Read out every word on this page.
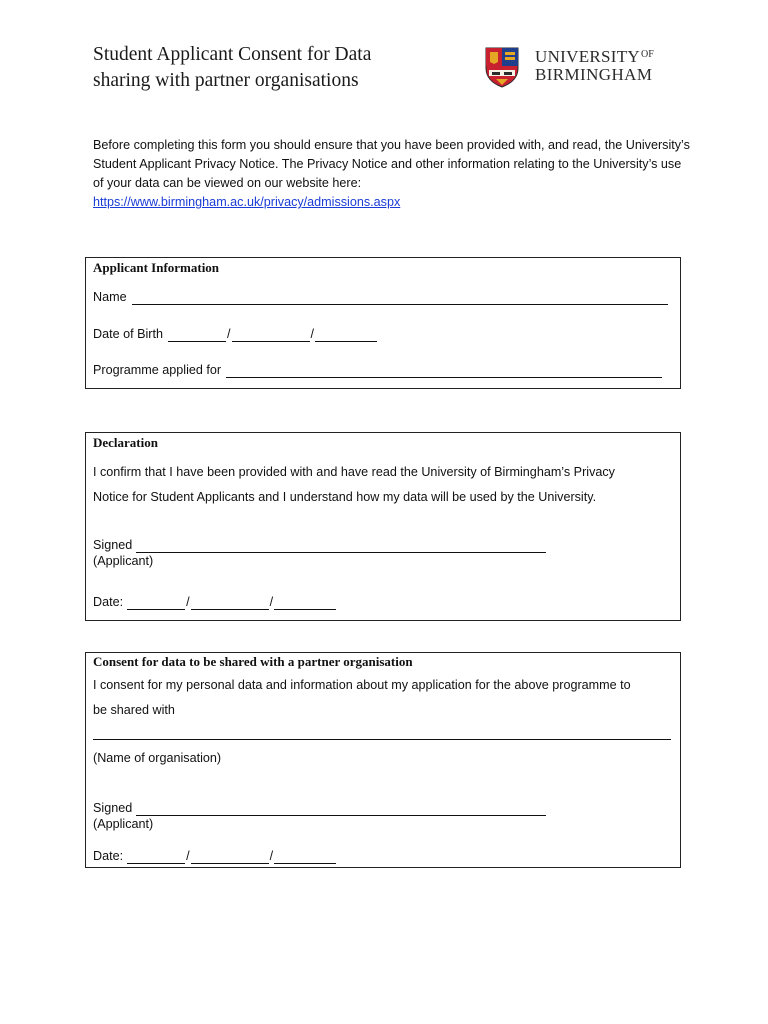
Student Applicant Consent for Data
sharing with partner organisations
$UNIVERSITY^{OF}$
BIRMINGHAM
Before completing this form you should ensure that you have been provided with, and read, the University’s Student Applicant Privacy Notice. The Privacy Notice and other information relating to the University’s use of your data can be viewed on our website here:
https://www.birmingham.ac.uk/privacy/admissions.aspx
Applicant Information
Name
Date of Birth	/	/
Programme applied for
Declaration
I confirm that I have been provided with and have read the University of Birmingham’s Privacy
Notice for Student Applicants and I understand how my data will be used by the University.
Signed
(Applicant)
Date:	/	/
Consent for data to be shared with a partner organisation
I consent for my personal data and information about my application for the above programme to
be shared with
(Name of organisation)
Signed
(Applicant)
Date:	/	/
